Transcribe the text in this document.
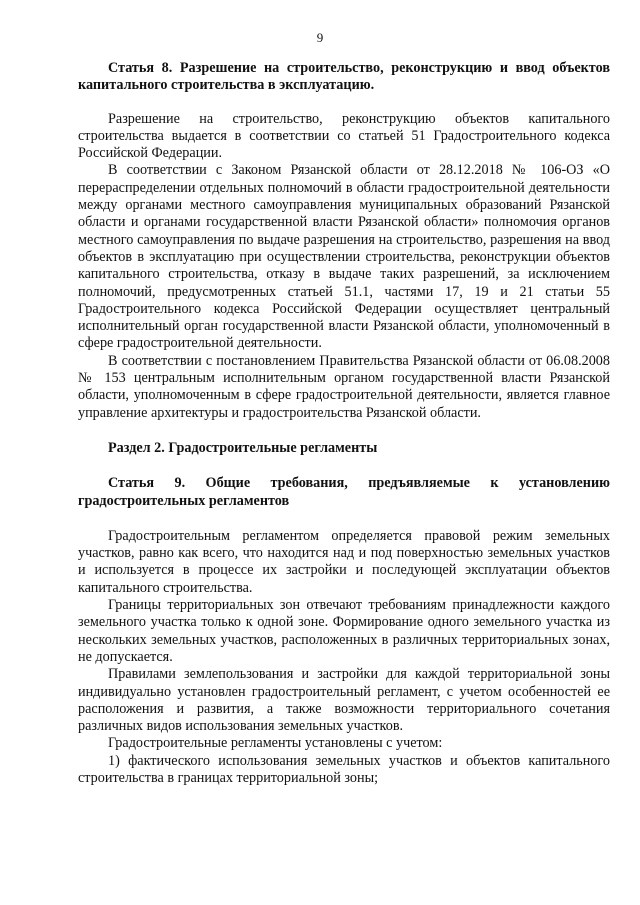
9

Статья 8. Разрешение на строительство, реконструкцию и ввод объектов капитального строительства в эксплуатацию.

Разрешение на строительство, реконструкцию объектов капитального строительства выдается в соответствии со статьей 51 Градостроительного кодекса Российской Федерации.

В соответствии с Законом Рязанской области от 28.12.2018 № 106-ОЗ «О перераспределении отдельных полномочий в области градостроительной деятельности между органами местного самоуправления муниципальных образований Рязанской области и органами государственной власти Рязанской области» полномочия органов местного самоуправления по выдаче разрешения на строительство, разрешения на ввод объектов в эксплуатацию при осуществлении строительства, реконструкции объектов капитального строительства, отказу в выдаче таких разрешений, за исключением полномочий, предусмотренных статьей 51.1, частями 17, 19 и 21 статьи 55 Градостроительного кодекса Российской Федерации осуществляет центральный исполнительный орган государственной власти Рязанской области, уполномоченный в сфере градостроительной деятельности.

В соответствии с постановлением Правительства Рязанской области от 06.08.2008 № 153 центральным исполнительным органом государственной власти Рязанской области, уполномоченным в сфере градостроительной деятельности, является главное управление архитектуры и градостроительства Рязанской области.

Раздел 2. Градостроительные регламенты

Статья 9. Общие требования, предъявляемые к установлению градостроительных регламентов

Градостроительным регламентом определяется правовой режим земельных участков, равно как всего, что находится над и под поверхностью земельных участков и используется в процессе их застройки и последующей эксплуатации объектов капитального строительства.

Границы территориальных зон отвечают требованиям принадлежности каждого земельного участка только к одной зоне. Формирование одного земельного участка из нескольких земельных участков, расположенных в различных территориальных зонах, не допускается.

Правилами землепользования и застройки для каждой территориальной зоны индивидуально установлен градостроительный регламент, с учетом особенностей ее расположения и развития, а также возможности территориального сочетания различных видов использования земельных участков.

Градостроительные регламенты установлены с учетом:

1) фактического использования земельных участков и объектов капитального строительства в границах территориальной зоны;
